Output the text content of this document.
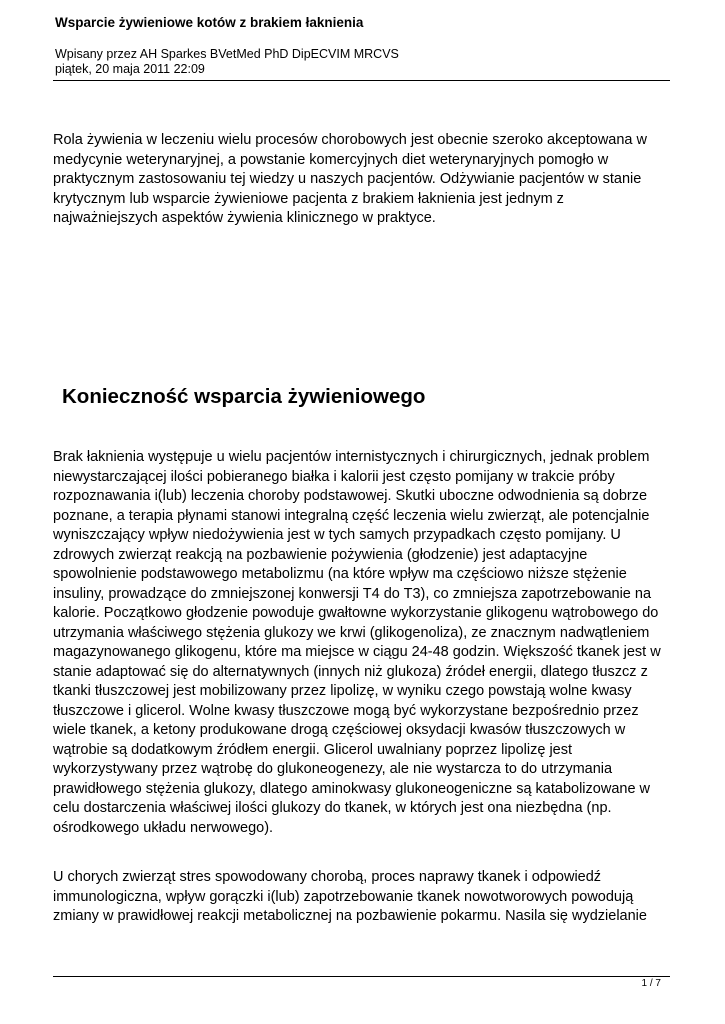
Wsparcie żywieniowe kotów z brakiem łaknienia
Wpisany przez AH Sparkes BVetMed PhD DipECVIM MRCVS
piątek, 20 maja 2011 22:09
Rola żywienia w leczeniu wielu procesów chorobowych jest obecnie szeroko akceptowana w
medycynie weterynaryjnej, a powstanie komercyjnych diet weterynaryjnych pomogło w
praktycznym zastosowaniu tej wiedzy u naszych pacjentów. Odżywianie pacjentów w stanie
krytycznym lub wsparcie żywieniowe pacjenta z brakiem łaknienia jest jednym z
najważniejszych aspektów żywienia klinicznego w praktyce.
Konieczność wsparcia żywieniowego
Brak łaknienia występuje u wielu pacjentów internistycznych i chirurgicznych, jednak problem
niewystarczającej ilości pobieranego białka i kalorii jest często pomijany w trakcie próby
rozpoznawania i(lub) leczenia choroby podstawowej. Skutki uboczne odwodnienia są dobrze
poznane, a terapia płynami stanowi integralną część leczenia wielu zwierząt, ale potencjalnie
wyniszczający wpływ niedożywienia jest w tych samych przypadkach często pomijany. U
zdrowych zwierząt reakcją na pozbawienie pożywienia (głodzenie) jest adaptacyjne
spowolnienie podstawowego metabolizmu (na które wpływ ma częściowo niższe stężenie
insuliny, prowadzące do zmniejszonej konwersji T4 do T3), co zmniejsza zapotrzebowanie na
kalorie. Początkowo głodzenie powoduje gwałtowne wykorzystanie glikogenu wątrobowego do
utrzymania właściwego stężenia glukozy we krwi (glikogenoliza), ze znacznym nadwątleniem
magazynowanego glikogenu, które ma miejsce w ciągu 24-48 godzin. Większość tkanek jest w
stanie adaptować się do alternatywnych (innych niż glukoza) źródeł energii, dlatego tłuszcz z
tkanki tłuszczowej jest mobilizowany przez lipolizę, w wyniku czego powstają wolne kwasy
tłuszczowe i glicerol. Wolne kwasy tłuszczowe mogą być wykorzystane bezpośrednio przez
wiele tkanek, a ketony produkowane drogą częściowej oksydacji kwasów tłuszczowych w
wątrobie są dodatkowym źródłem energii. Glicerol uwalniany poprzez lipolizę jest
wykorzystywany przez wątrobę do glukoneogenezy, ale nie wystarcza to do utrzymania
prawidłowego stężenia glukozy, dlatego aminokwasy glukoneogeniczne są katabolizowane w
celu dostarczenia właściwej ilości glukozy do tkanek, w których jest ona niezbędna (np.
ośrodkowego układu nerwowego).
U chorych zwierząt stres spowodowany chorobą, proces naprawy tkanek i odpowiedź
immunologiczna, wpływ gorączki i(lub) zapotrzebowanie tkanek nowotworowych powodują
zmiany w prawidłowej reakcji metabolicznej na pozbawienie pokarmu. Nasila się wydzielanie
1 / 7
